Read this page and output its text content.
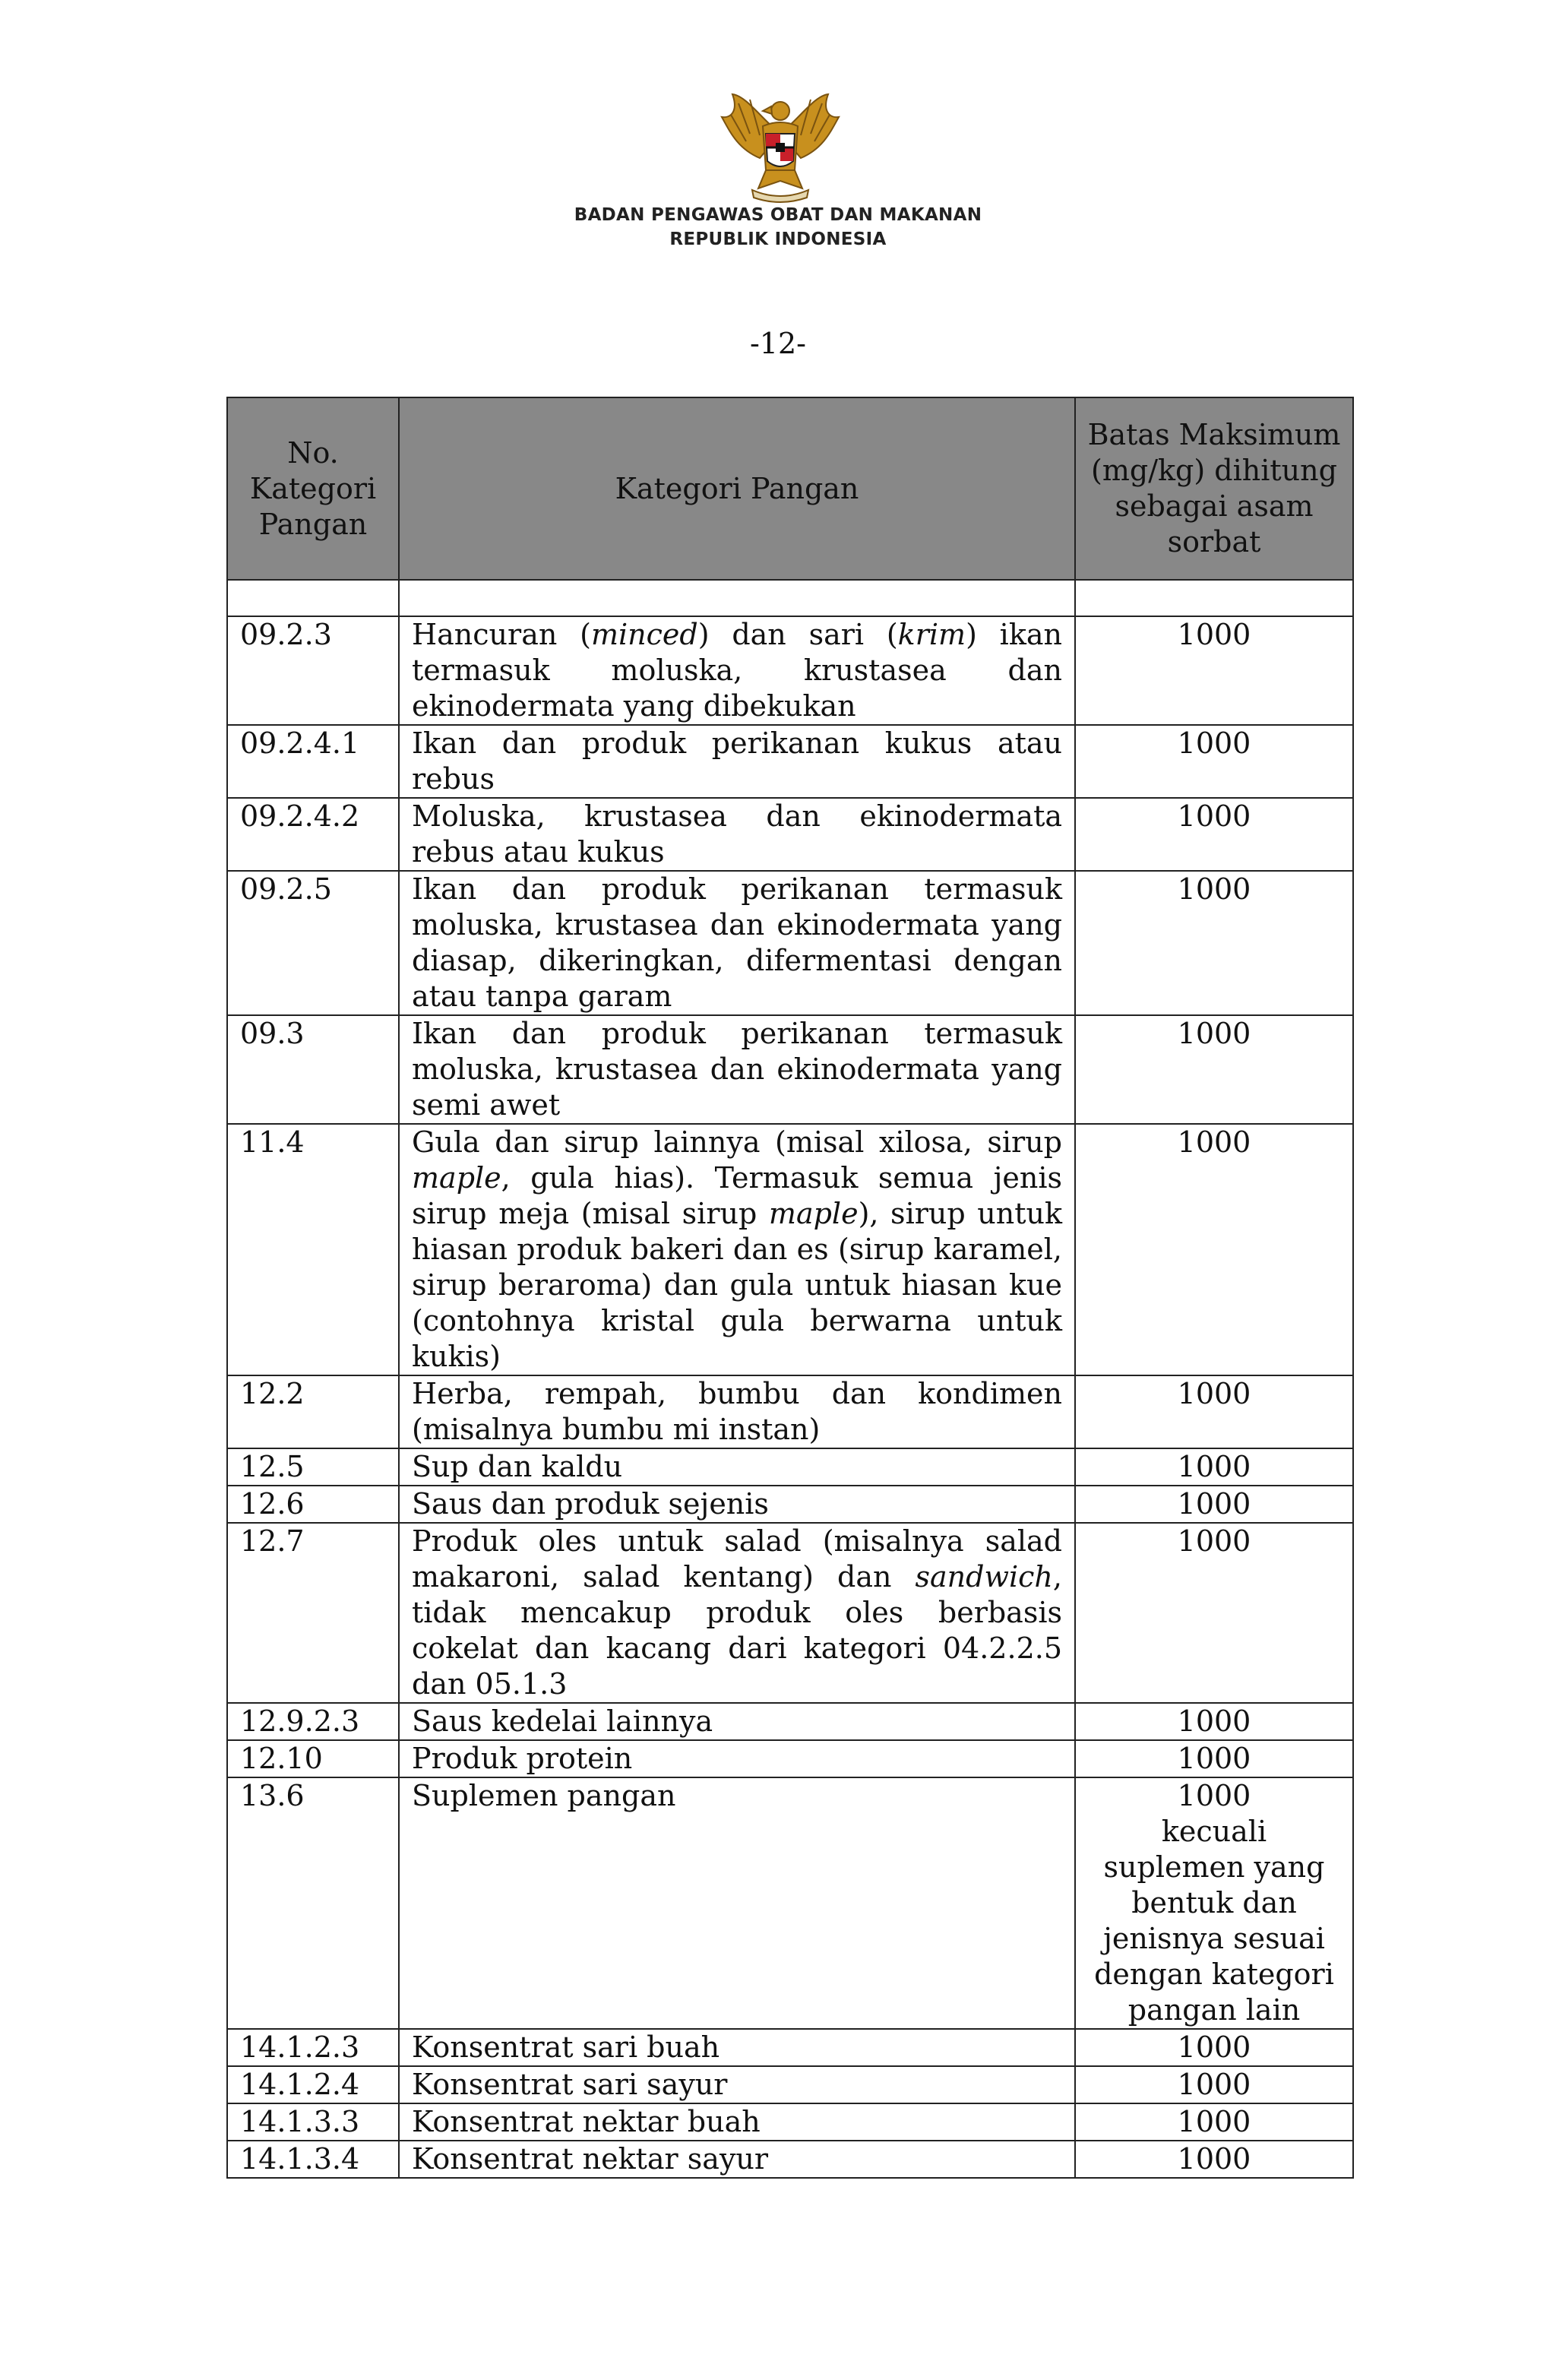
BADAN PENGAWAS OBAT DAN MAKANAN
REPUBLIK INDONESIA
-12-
No. Kategori Pangan	Kategori Pangan	Batas Maksimum (mg/kg) dihitung sebagai asam sorbat

09.2.3	Hancuran (minced) dan sari (krim) ikan termasuk moluska, krustasea dan ekinodermata yang dibekukan	1000

09.2.4.1	Ikan dan produk perikanan kukus atau rebus	1000

09.2.4.2	Moluska, krustasea dan ekinodermata rebus atau kukus	1000

09.2.5	Ikan dan produk perikanan termasuk moluska, krustasea dan ekinodermata yang diasap, dikeringkan, difermentasi dengan atau tanpa garam	1000

09.3	Ikan dan produk perikanan termasuk moluska, krustasea dan ekinodermata yang semi awet	1000

11.4	Gula dan sirup lainnya (misal xilosa, sirup maple, gula hias). Termasuk semua jenis sirup meja (misal sirup maple), sirup untuk hiasan produk bakeri dan es (sirup karamel, sirup beraroma) dan gula untuk hiasan kue (contohnya kristal gula berwarna untuk kukis)	1000

12.2	Herba, rempah, bumbu dan kondimen (misalnya bumbu mi instan)	1000

12.5	Sup dan kaldu	1000

12.6	Saus dan produk sejenis	1000

12.7	Produk oles untuk salad (misalnya salad makaroni, salad kentang) dan sandwich, tidak mencakup produk oles berbasis cokelat dan kacang dari kategori 04.2.2.5 dan 05.1.3	1000

12.9.2.3	Saus kedelai lainnya	1000

12.10	Produk protein	1000

13.6	Suplemen pangan	1000
kecuali suplemen yang bentuk dan jenisnya sesuai dengan kategori pangan lain

14.1.2.3	Konsentrat sari buah	1000

14.1.2.4	Konsentrat sari sayur	1000

14.1.3.3	Konsentrat nektar buah	1000

14.1.3.4	Konsentrat nektar sayur	1000
